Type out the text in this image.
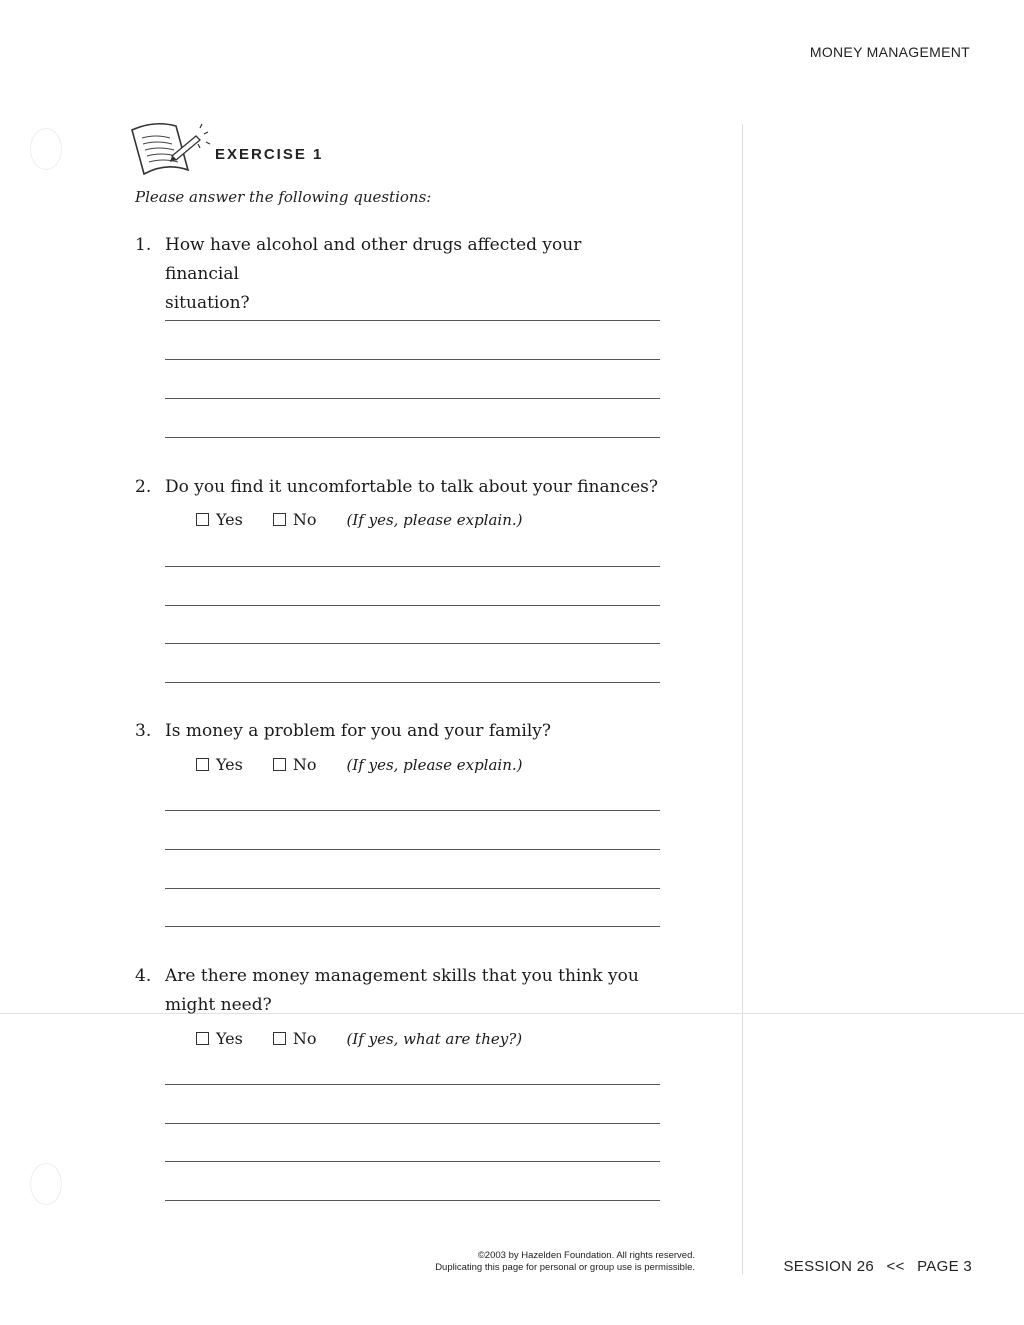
MONEY MANAGEMENT
EXERCISE 1
Please answer the following questions:
1. How have alcohol and other drugs affected your financial
situation?
2. Do you find it uncomfortable to talk about your finances?
Yes	No (If yes, please explain.)
3. Is money a problem for you and your family?
Yes	No (If yes, please explain.)
4. Are there money management skills that you think you
might need?
Yes	No (If yes, what are they?)
©2003 by Hazelden Foundation. All rights reserved.
Duplicating this page for personal or group use is permissible.	SESSION 26 << PAGE 3
